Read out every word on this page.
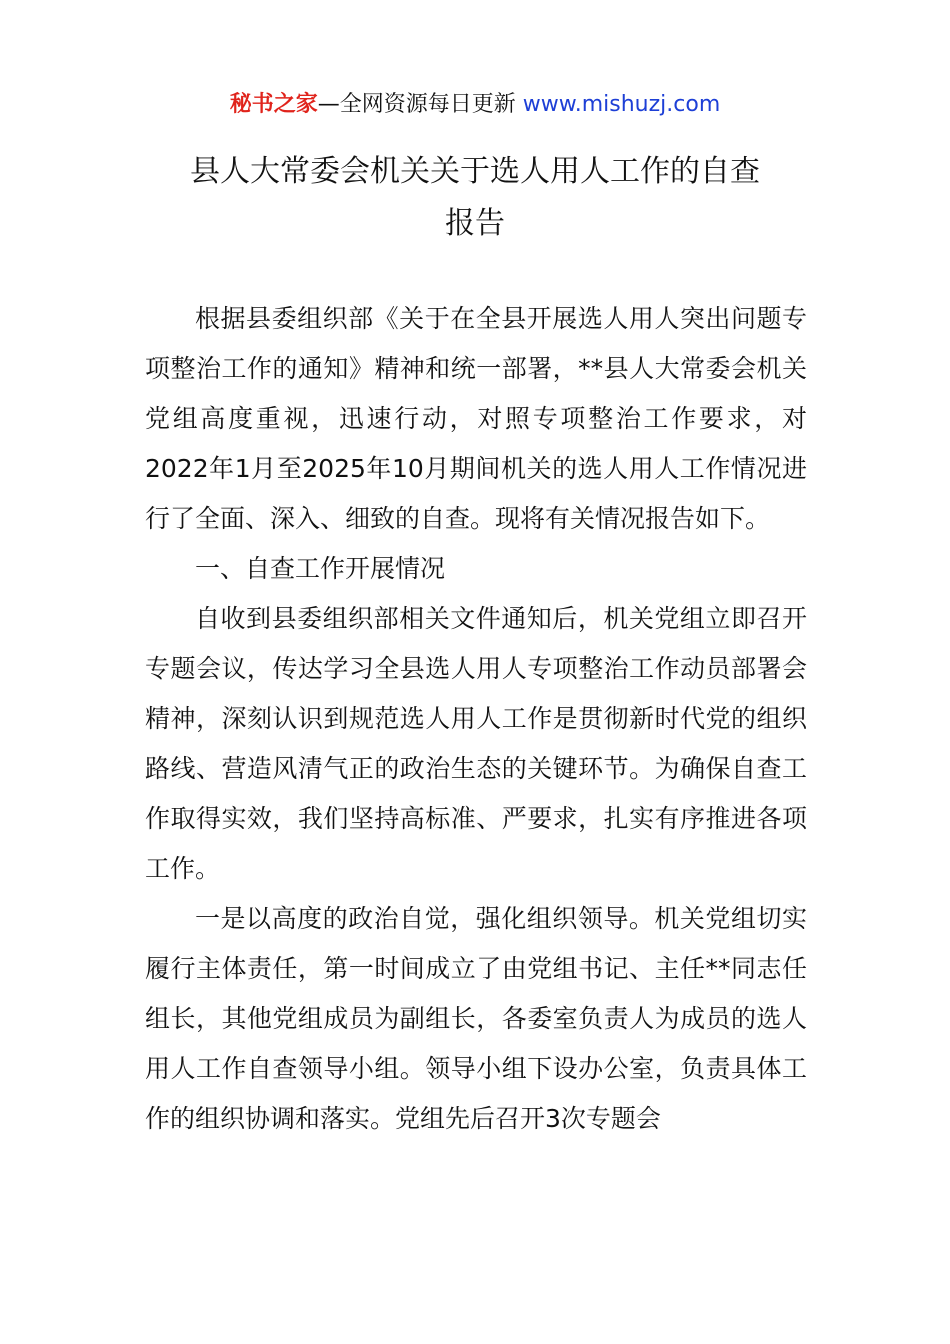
秘书之家—全网资源每日更新 www.mishuzj.com
县人大常委会机关关于选人用人工作的自查
报告

根据县委组织部《关于在全县开展选人用人突出问题专项整治工作的通知》精神和统一部署，**县人大常委会机关党组高度重视，迅速行动，对照专项整治工作要求，对2022年1月至2025年10月期间机关的选人用人工作情况进行了全面、深入、细致的自查。现将有关情况报告如下。

一、自查工作开展情况

自收到县委组织部相关文件通知后，机关党组立即召开专题会议，传达学习全县选人用人专项整治工作动员部署会精神，深刻认识到规范选人用人工作是贯彻新时代党的组织路线、营造风清气正的政治生态的关键环节。为确保自查工作取得实效，我们坚持高标准、严要求，扎实有序推进各项工作。

一是以高度的政治自觉，强化组织领导。机关党组切实履行主体责任，第一时间成立了由党组书记、主任**同志任组长，其他党组成员为副组长，各委室负责人为成员的选人用人工作自查领导小组。领导小组下设办公室，负责具体工作的组织协调和落实。党组先后召开3次专题会
